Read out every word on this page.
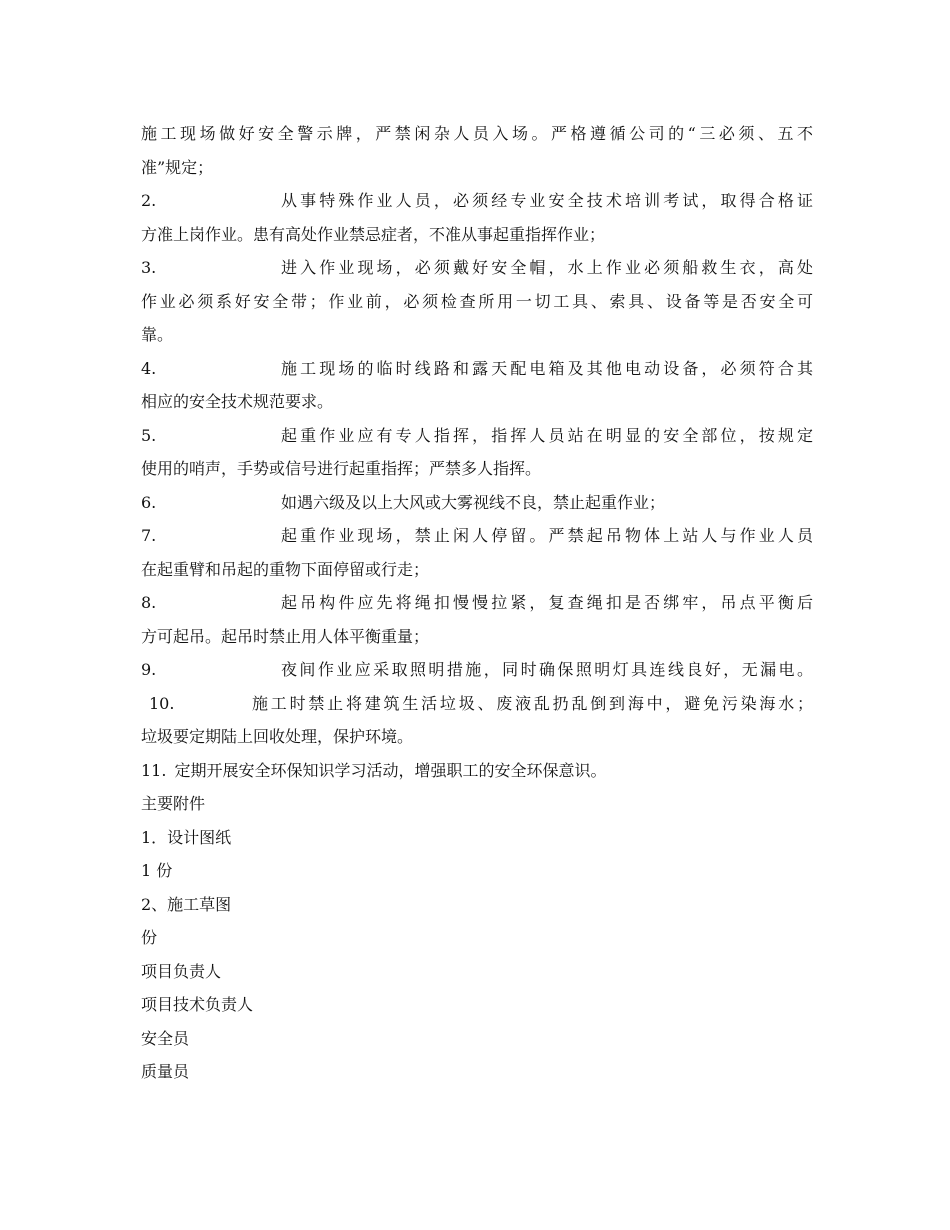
施工现场做好安全警示牌，严禁闲杂人员入场。严格遵循公司的“三必须、五不
准”规定；
2.	从事特殊作业人员，必须经专业安全技术培训考试，取得合格证
方准上岗作业。患有高处作业禁忌症者，不准从事起重指挥作业；
3.	进入作业现场，必须戴好安全帽，水上作业必须船救生衣，高处
作业必须系好安全带；作业前，必须检查所用一切工具、索具、设备等是否安全可
靠。
4.	施工现场的临时线路和露天配电箱及其他电动设备，必须符合其
相应的安全技术规范要求。
5.	起重作业应有专人指挥，指挥人员站在明显的安全部位，按规定
使用的哨声，手势或信号进行起重指挥；严禁多人指挥。
6.	如遇六级及以上大风或大雾视线不良，禁止起重作业；
7.	起重作业现场，禁止闲人停留。严禁起吊物体上站人与作业人员
在起重臂和吊起的重物下面停留或行走；
8.	起吊构件应先将绳扣慢慢拉紧，复查绳扣是否绑牢，吊点平衡后
方可起吊。起吊时禁止用人体平衡重量；
9.	夜间作业应采取照明措施，同时确保照明灯具连线良好，无漏电。
10.	施工时禁止将建筑生活垃圾、废液乱扔乱倒到海中，避免污染海水；
垃圾要定期陆上回收处理，保护环境。
11. 定期开展安全环保知识学习活动，增强职工的安全环保意识。
主要附件
1．设计图纸
1 份
2、施工草图
份
项目负责人
项目技术负责人
安全员
质量员
